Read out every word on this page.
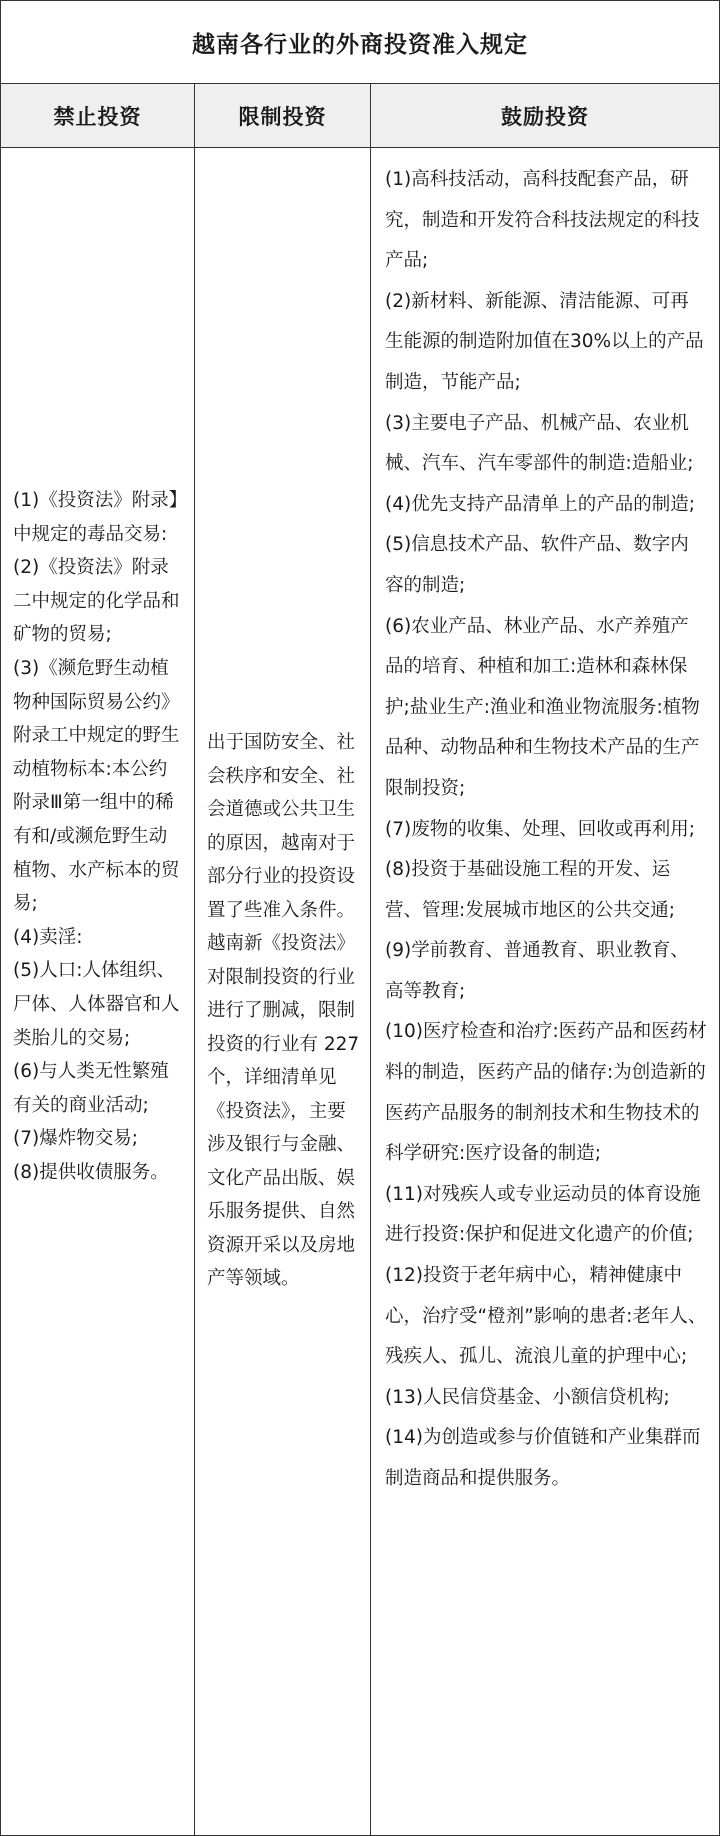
越南各行业的外商投资准入规定
禁止投资	限制投资	鼓励投资
(1)《投资法》附录】中规定的毒品交易:
(2)《投资法》附录二中规定的化学品和矿物的贸易;
(3)《濒危野生动植物种国际贸易公约》附录工中规定的野生动植物标本:本公约附录Ⅲ第一组中的稀有和/或濒危野生动植物、水产标本的贸易;
(4)卖淫:
(5)人口:人体组织、尸体、人体器官和人类胎儿的交易;
(6)与人类无性繁殖有关的商业活动;
(7)爆炸物交易;
(8)提供收债服务。
出于国防安全、社会秩序和安全、社会道德或公共卫生的原因，越南对于部分行业的投资设置了些准入条件。越南新《投资法》对限制投资的行业进行了删减，限制投资的行业有 227 个，详细清单见《投资法》，主要涉及银行与金融、文化产品出版、娱乐服务提供、自然资源开采以及房地产等领域。
(1)高科技活动，高科技配套产品，研究，制造和开发符合科技法规定的科技产品;
(2)新材料、新能源、清洁能源、可再生能源的制造附加值在30%以上的产品制造，节能产品;
(3)主要电子产品、机械产品、农业机械、汽车、汽车零部件的制造:造船业;
(4)优先支持产品清单上的产品的制造;
(5)信息技术产品、软件产品、数字内容的制造;
(6)农业产品、林业产品、水产养殖产品的培育、种植和加工:造林和森林保护;盐业生产:渔业和渔业物流服务:植物品种、动物品种和生物技术产品的生产限制投资;
(7)废物的收集、处理、回收或再利用;
(8)投资于基础设施工程的开发、运营、管理:发展城市地区的公共交通;
(9)学前教育、普通教育、职业教育、高等教育;
(10)医疗检查和治疗:医药产品和医药材料的制造，医药产品的储存:为创造新的医药产品服务的制剂技术和生物技术的科学研究:医疗设备的制造;
(11)对残疾人或专业运动员的体育设施进行投资:保护和促进文化遗产的价值;
(12)投资于老年病中心，精神健康中心，治疗受“橙剂”影响的患者:老年人、残疾人、孤儿、流浪儿童的护理中心;
(13)人民信贷基金、小额信贷机构;
(14)为创造或参与价值链和产业集群而制造商品和提供服务。
